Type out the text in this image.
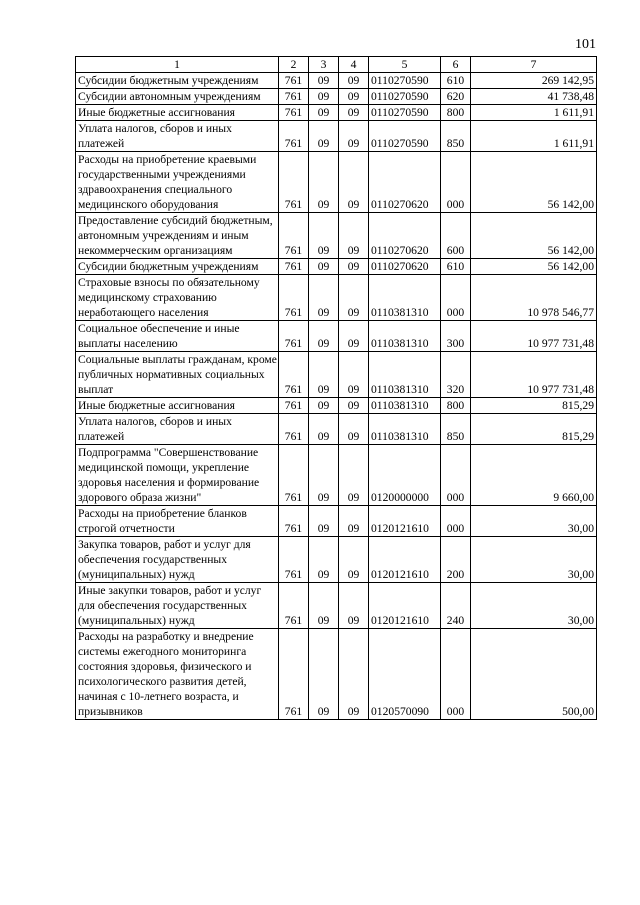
101
1	2	3	4	5	6	7
Субсидии бюджетным учреждениям	761	09	09	0110270590	610	269 142,95
Субсидии автономным учреждениям	761	09	09	0110270590	620	41 738,48
Иные бюджетные ассигнования	761	09	09	0110270590	800	1 611,91
Уплата налогов, сборов и иных платежей	761	09	09	0110270590	850	1 611,91
Расходы на приобретение краевыми государственными учреждениями здравоохранения специального медицинского оборудования	761	09	09	0110270620	000	56 142,00
Предоставление субсидий бюджетным, автономным учреждениям и иным некоммерческим организациям	761	09	09	0110270620	600	56 142,00
Субсидии бюджетным учреждениям	761	09	09	0110270620	610	56 142,00
Страховые взносы по обязательному медицинскому страхованию неработающего населения	761	09	09	0110381310	000	10 978 546,77
Социальное обеспечение и иные выплаты населению	761	09	09	0110381310	300	10 977 731,48
Социальные выплаты гражданам, кроме публичных нормативных социальных выплат	761	09	09	0110381310	320	10 977 731,48
Иные бюджетные ассигнования	761	09	09	0110381310	800	815,29
Уплата налогов, сборов и иных платежей	761	09	09	0110381310	850	815,29
Подпрограмма "Совершенствование медицинской помощи, укрепление здоровья населения и формирование здорового образа жизни"	761	09	09	0120000000	000	9 660,00
Расходы на приобретение бланков строгой отчетности	761	09	09	0120121610	000	30,00
Закупка товаров, работ и услуг для обеспечения государственных (муниципальных) нужд	761	09	09	0120121610	200	30,00
Иные закупки товаров, работ и услуг для обеспечения государственных (муниципальных) нужд	761	09	09	0120121610	240	30,00
Расходы на разработку и внедрение системы ежегодного мониторинга состояния здоровья, физического и психологического развития детей, начиная с 10-летнего возраста, и призывников	761	09	09	0120570090	000	500,00
